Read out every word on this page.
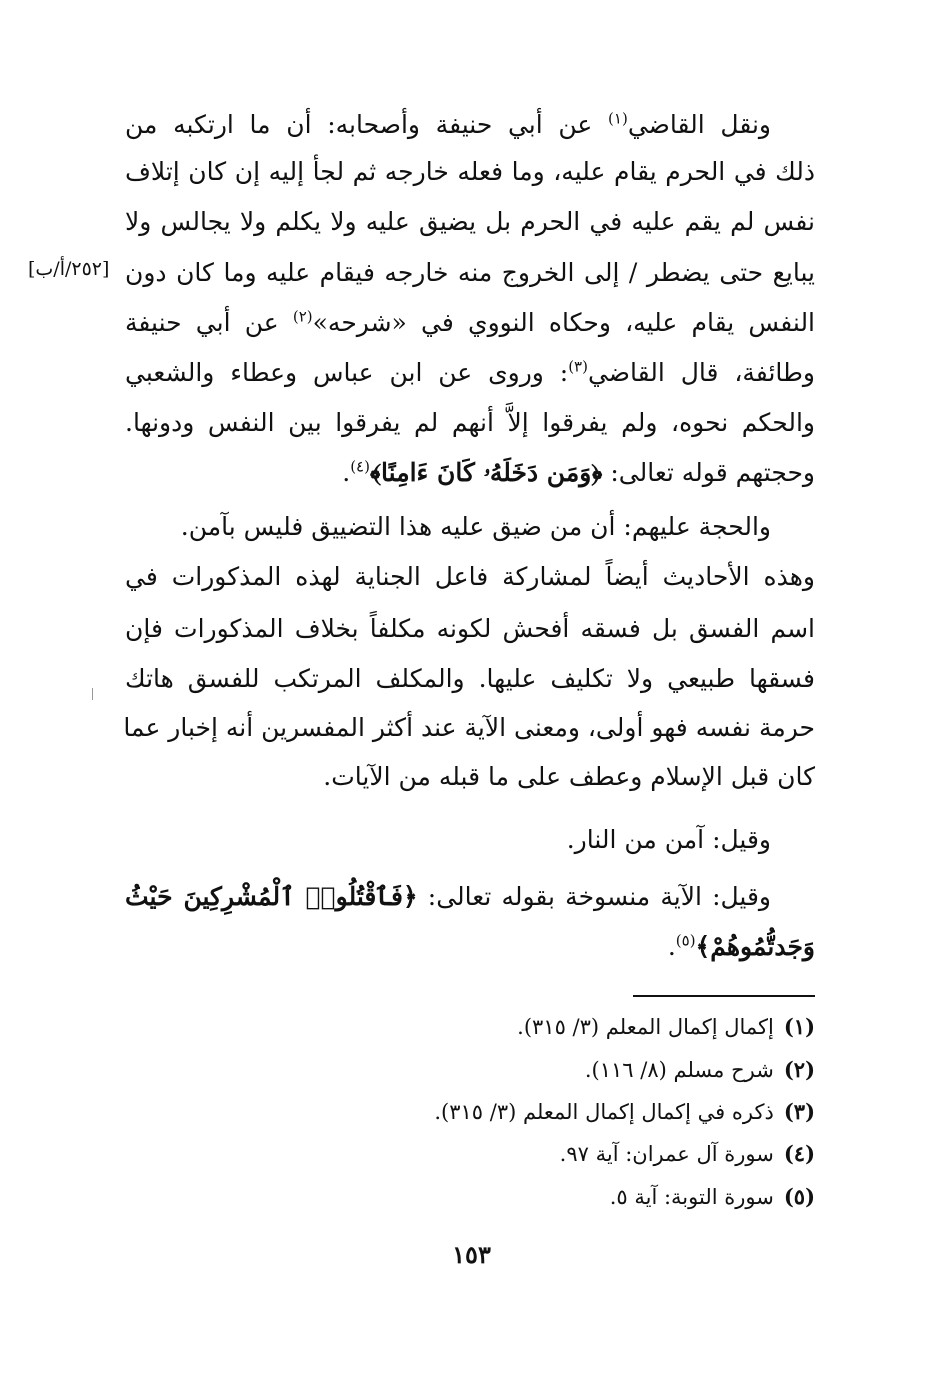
ونقل القاضي$^{(١)}$ عن أبي حنيفة وأصحابه: أن ما ارتكبه من
ذلك في الحرم يقام عليه، وما فعله خارجه ثم لجأ إليه إن كان إتلاف
نفس لم يقم عليه في الحرم بل يضيق عليه ولا يكلم ولا يجالس ولا
يبايع حتى يضطر / إلى الخروج منه خارجه فيقام عليه وما كان دون
[٢٥٢/أ/ب]
النفس يقام عليه، وحكاه النووي في «شرحه»$^{(٢)}$ عن أبي حنيفة
وطائفة، قال القاضي$^{(٣)}$: وروى عن ابن عباس وعطاء والشعبي
والحكم نحوه، ولم يفرقوا إلاَّ أنهم لم يفرقوا بين النفس ودونها.
وحجتهم قوله تعالى: ﴿وَمَن دَخَلَهُۥ كَانَ ءَامِنًا﴾$^{(٤)}$.
والحجة عليهم: أن من ضيق عليه هذا التضييق فليس بآمن.
وهذه الأحاديث أيضاً لمشاركة فاعل الجناية لهذه المذكورات في
اسم الفسق بل فسقه أفحش لكونه مكلفاً بخلاف المذكورات فإن
فسقها طبيعي ولا تكليف عليها. والمكلف المرتكب للفسق هاتك
حرمة نفسه فهو أولى، ومعنى الآية عند أكثر المفسرين أنه إخبار عما
كان قبل الإسلام وعطف على ما قبله من الآيات.
وقيل: آمن من النار.
وقيل: الآية منسوخة بقوله تعالى: ﴿فَٱقْتُلُوا۟ ٱلْمُشْرِكِينَ حَيْثُ
وَجَدتُّمُوهُمْ﴾$^{(٥)}$.
(١)إكمال إكمال المعلم (٣/ ٣١٥).
(٢)شرح مسلم (٨/ ١١٦).
(٣)ذكره في إكمال إكمال المعلم (٣/ ٣١٥).
(٤)سورة آل عمران: آية ٩٧.
(٥)سورة التوبة: آية ٥.
١٥٣
